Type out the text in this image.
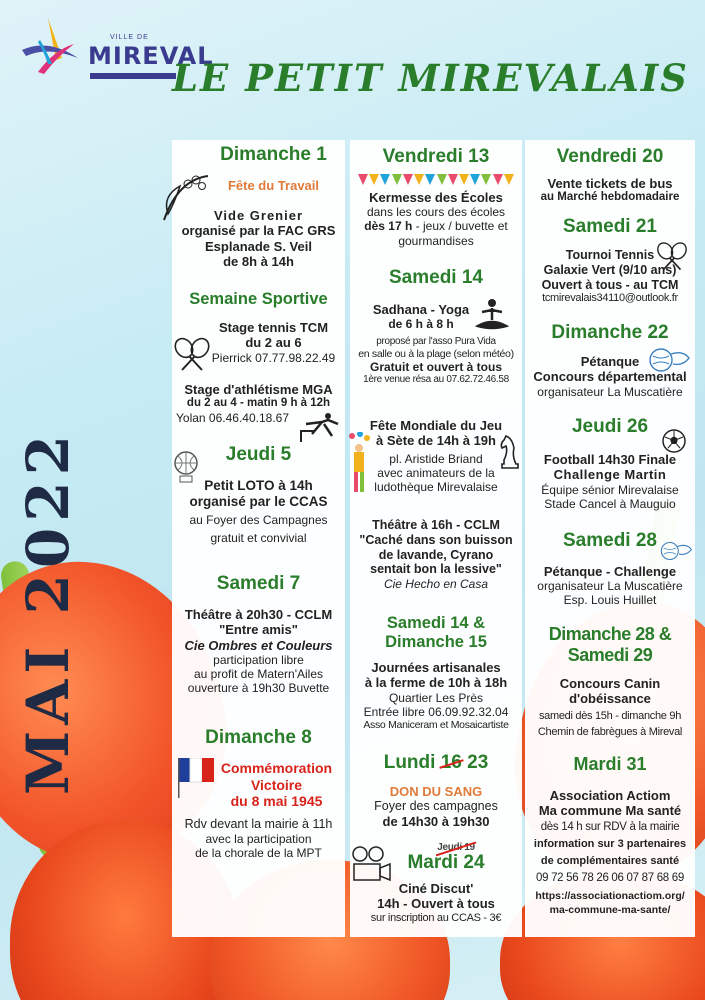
VILLE DE
MIREVAL
LE PETIT MIREVALAIS
MAI 2022
Dimanche 1
Fête du Travail
Vide Grenier
organisé par la FAC GRS
Esplanade S. Veil
de 8h à 14h
Semaine Sportive
Stage tennis TCM
du 2 au 6
Pierrick 07.77.98.22.49
Stage d'athlétisme MGA
du 2 au 4 - matin 9 h à 12h
Yolan 06.46.40.18.67
Jeudi 5
Petit LOTO à 14h
organisé par le CCAS
au Foyer des Campagnes
gratuit et convivial
Samedi 7
Théâtre à 20h30 - CCLM
"Entre amis"
Cie Ombres et Couleurs
participation libre
au profit de Matern'Ailes
ouverture à 19h30 Buvette
Dimanche 8
Commémoration
Victoire
du 8 mai 1945
Rdv devant la mairie à 11h
avec la participation
de la chorale de la MPT
Vendredi 13
Kermesse des Écoles
dans les cours des écoles
dès 17 h - jeux / buvette et
gourmandises
Samedi 14
Sadhana - Yoga
de 6 h à 8 h
proposé par l'asso Pura Vida
en salle ou à la plage (selon météo)
Gratuit et ouvert à tous
1ère venue résa au 07.62.72.46.58
Fête Mondiale du Jeu
à Sète de 14h à 19h
pl. Aristide Briand
avec animateurs de la
ludothèque Mirevalaise
Théâtre à 16h - CCLM
"Caché dans son buisson
de lavande, Cyrano
sentait bon la lessive"
Cie Hecho en Casa
Samedi 14 &
Dimanche 15
Journées artisanales
à la ferme de 10h à 18h
Quartier Les Près
Entrée libre 06.09.92.32.04
Asso Maniceram et Mosaicartiste
Lundi 16 23
DON DU SANG
Foyer des campagnes
de 14h30 à 19h30
Jeudi 19
Mardi 24
Ciné Discut'
14h - Ouvert à tous
sur inscription au CCAS - 3€
Vendredi 20
Vente tickets de bus
au Marché hebdomadaire
Samedi 21
Tournoi Tennis
Galaxie Vert (9/10 ans)
Ouvert à tous - au TCM
tcmirevalais34110@outlook.fr
Dimanche 22
Pétanque
Concours départemental
organisateur La Muscatière
Jeudi 26
Football 14h30 Finale
Challenge Martin
Équipe sénior Mirevalaise
Stade Cancel à Mauguio
Samedi 28
Pétanque - Challenge
organisateur La Muscatière
Esp. Louis Huillet
Dimanche 28 &
Samedi 29
Concours Canin
d'obéissance
samedi dès 15h - dimanche 9h
Chemin de fabrègues à Mireval
Mardi 31
Association Actiom
Ma commune Ma santé
dès 14 h sur RDV à la mairie
information sur 3 partenaires
de complémentaires santé
09 72 56 78 26 06 07 87 68 69
https://associationactiom.org/
ma-commune-ma-sante/
